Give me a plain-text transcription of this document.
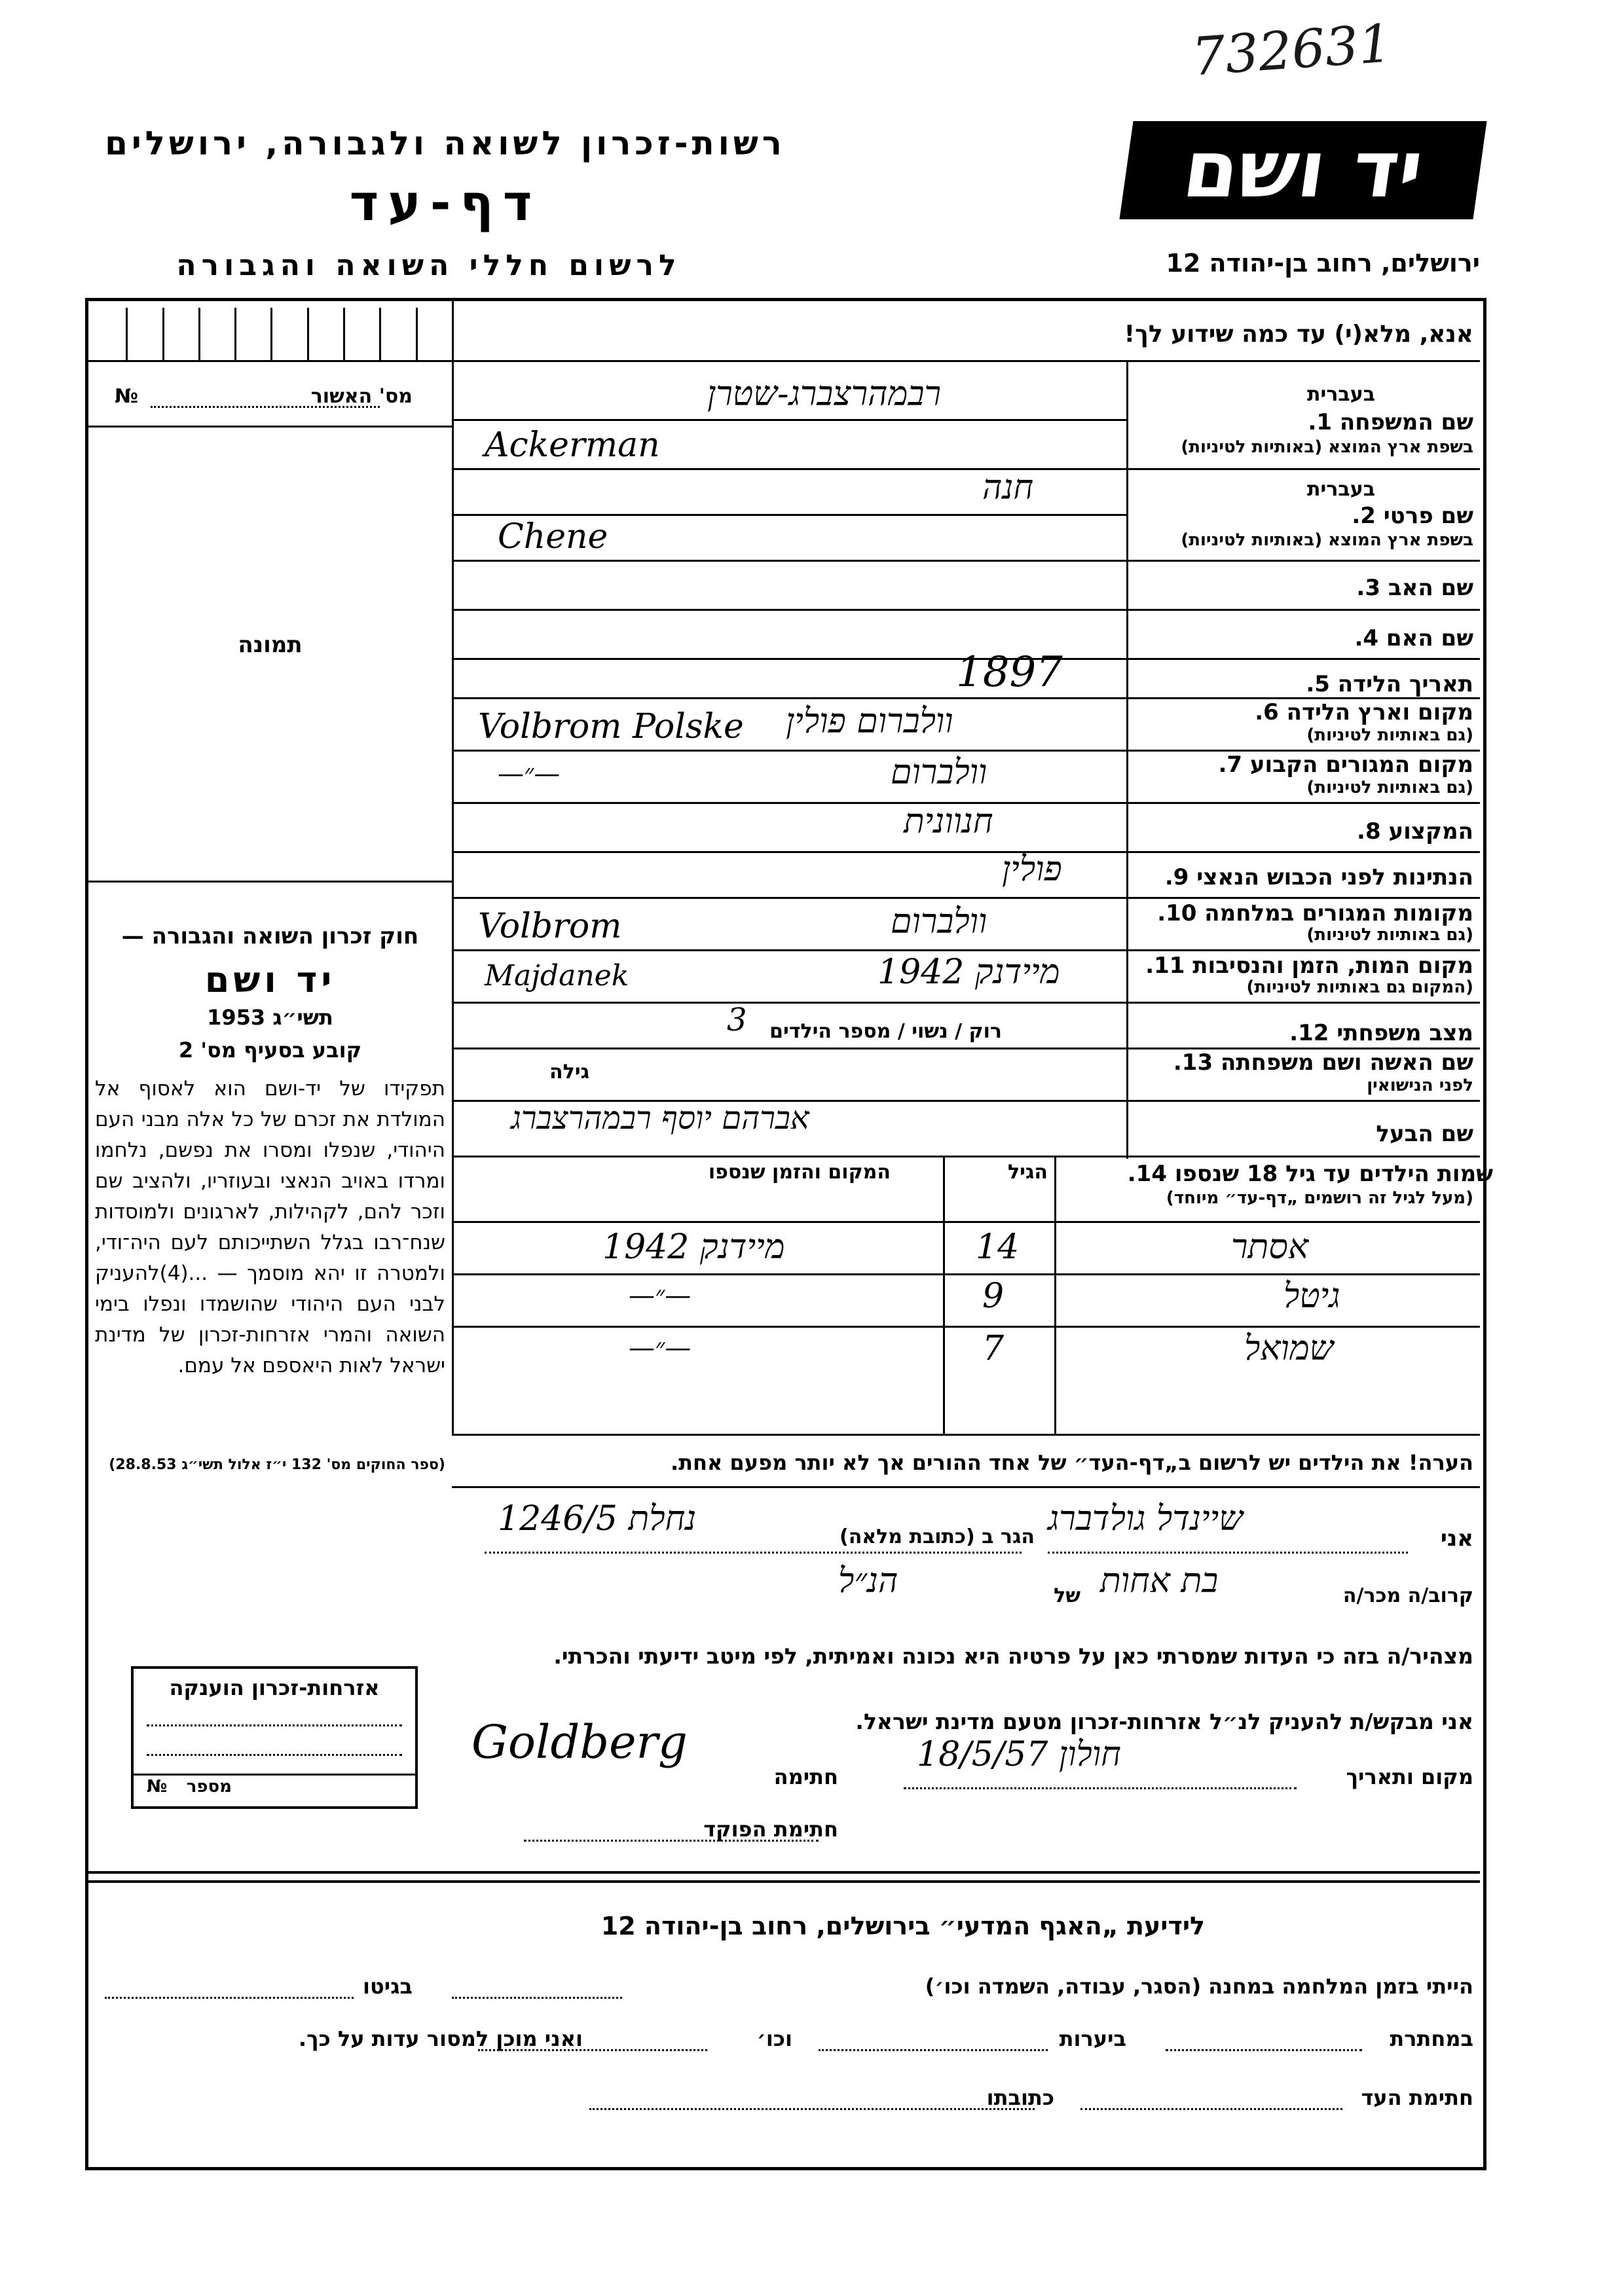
732631
רשות-זכרון לשואה ולגבורה, ירושלים
דף-עד
לרשום חללי השואה והגבורה
יד ושם
ירושלים, רחוב בן-יהודה 12
אנא, מלא(י) עד כמה שידוע לך!
מס' האשור
№
תמונה
חוק זכרון השואה והגבורה —
יד ושם
תשי״ג 1953
קובע בסעיף מס' 2
תפקידו של יד-ושם הוא לאסוף אל המולדת את זכרם של כל אלה מבני העם היהודי, שנפלו ומסרו את נפשם, נלחמו ומרדו באויב הנאצי ובעוזריו, ולהציב שם וזכר להם, לקהילות, לארגונים ולמוסדות שנח־רבו בגלל השתייכותם לעם היה־ודי, ולמטרה זו יהא מוסמך — ...(4)להעניק לבני העם היהודי שהושמדו ונפלו בימי השואה והמרי אזרחות-זכרון של מדינת ישראל לאות היאספם אל עמם.
(ספר החוקים מס' 132 י״ז אלול תשי״ג 28.8.53)
בעברית
שם המשפחה 1.
בשפת ארץ המוצא (באותיות לטיניות)
רבמהרצברג-שטרן
Ackerman
בעברית
שם פרטי 2.
בשפת ארץ המוצא (באותיות לטיניות)
חנה
Chene
שם האב 3.
שם האם 4.
תאריך הלידה 5.
1897
מקום וארץ הלידה 6.
(גם באותיות לטיניות)
וולברום פולין
Volbrom Polske
מקום המגורים הקבוע 7.
(גם באותיות לטיניות)
וולברום
—״—
המקצוע 8.
חנוונית
הנתינות לפני הכבוש הנאצי 9.
פולין
מקומות המגורים במלחמה 10.
(גם באותיות לטיניות)
וולברום
Volbrom
מקום המות, הזמן והנסיבות 11.
(המקום גם באותיות לטיניות)
מיידנק 1942
Majdanek
מצב משפחתי 12.
רוק / נשוי / מספר הילדים
3
שם האשה ושם משפחתה 13.
לפני הנישואין
גילה
שם הבעל
אברהם יוסף רבמהרצברג
שמות הילדים עד גיל 18 שנספו 14.
(מעל לגיל זה רושמים „דף-עד״ מיוחד)
הגיל
המקום והזמן שנספו
אסתר
14
מיידנק 1942
גיטל
9
—״—
שמואל
7
—״—
הערה! את הילדים יש לרשום ב„דף-העד״ של אחד ההורים אך לא יותר מפעם אחת.
אני
שיינדל גולדברג
הגר ב (כתובת מלאה)
נחלת 1246/5
קרוב/ה מכר/ה
בת אחות
של
הנ״ל
מצהיר/ה בזה כי העדות שמסרתי כאן על פרטיה היא נכונה ואמיתית, לפי מיטב ידיעתי והכרתי.
אני מבקש/ת להעניק לנ״ל אזרחות-זכרון מטעם מדינת ישראל.
מקום ותאריך
חולון 18/5/57
חתימה
Goldberg
חתימת הפוקד
אזרחות-זכרון הוענקה
מספר
№
לידיעת „האגף המדעי״ בירושלים, רחוב בן-יהודה 12
הייתי בזמן המלחמה במחנה (הסגר, עבודה, השמדה וכו׳)
בגיטו
במחתרת
ביערות
וכו׳
ואני מוכן למסור עדות על כך.
חתימת העד
כתובתו
